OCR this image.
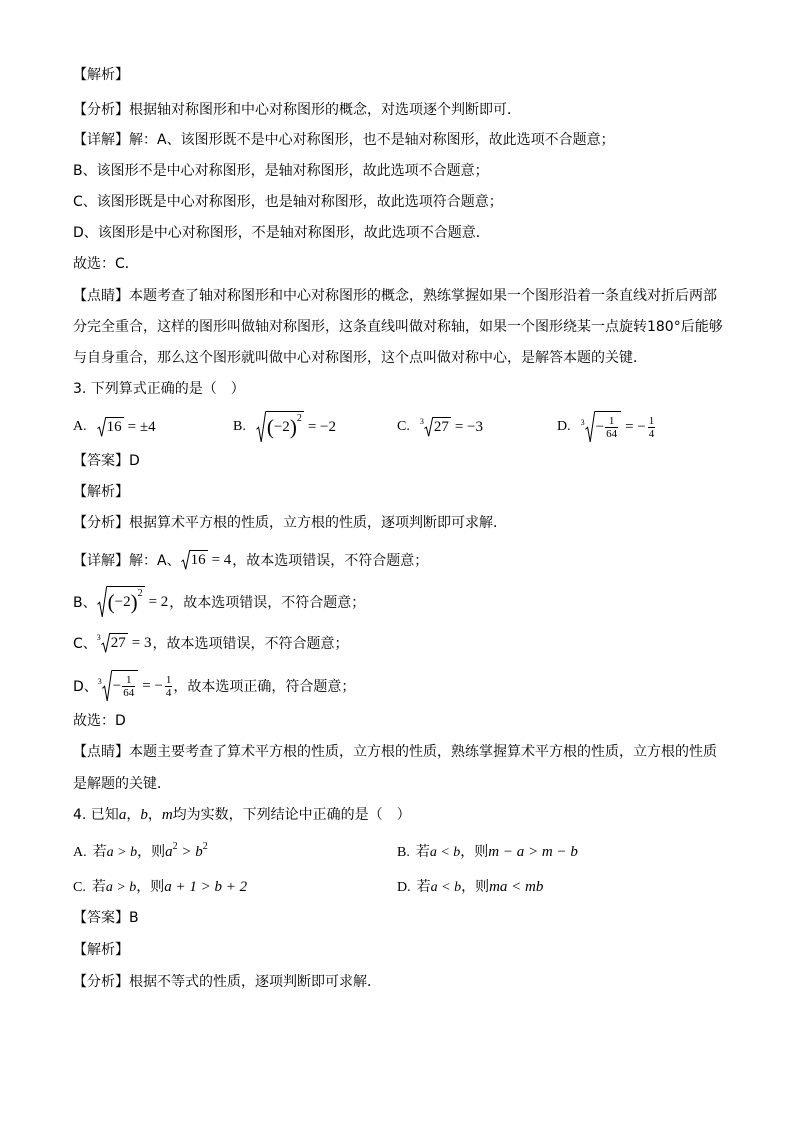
【解析】
【分析】根据轴对称图形和中心对称图形的概念，对选项逐个判断即可．
【详解】解：A、该图形既不是中心对称图形，也不是轴对称图形，故此选项不合题意；
B、该图形不是中心对称图形，是轴对称图形，故此选项不合题意；
C、该图形既是中心对称图形，也是轴对称图形，故此选项符合题意；
D、该图形是中心对称图形，不是轴对称图形，故此选项不合题意．
故选：C．
【点睛】本题考查了轴对称图形和中心对称图形的概念，熟练掌握如果一个图形沿着一条直线对折后两部
分完全重合，这样的图形叫做轴对称图形，这条直线叫做对称轴，如果一个图形绕某一点旋转180°后能够
与自身重合，那么这个图形就叫做中心对称图形，这个点叫做对称中心，是解答本题的关键．
3. 下列算式正确的是（　）
A. 16 = ±4	B. ( −2 ) 2 = −2	C. 3 27 = −3	D. $3 - \frac{1}{64}$ = − $\frac{1}{4}$
【答案】D
【解析】
【分析】根据算术平方根的性质，立方根的性质，逐项判断即可求解．
【详解】解：A、 16 = 4 ，故本选项错误，不符合题意；
B、 ( −2 ) 2 = 2 ，故本选项错误，不符合题意；
C、 3 27 = 3 ，故本选项错误，不符合题意；
D、 $3 - \frac{1}{64}$ = − $\frac{1}{4}$ ，故本选项正确，符合题意；
故选：D
【点睛】本题主要考查了算术平方根的性质，立方根的性质，熟练掌握算术平方根的性质，立方根的性质
是解题的关键．
4. 已知a，b，m均为实数，下列结论中正确的是（　）
A. 若a > b，则$a^2 > b^2$	B. 若a < b，则m − a > m − b
C. 若a > b，则a + 1 > b + 2	D. 若a < b，则ma < mb
【答案】B
【解析】
【分析】根据不等式的性质，逐项判断即可求解．
